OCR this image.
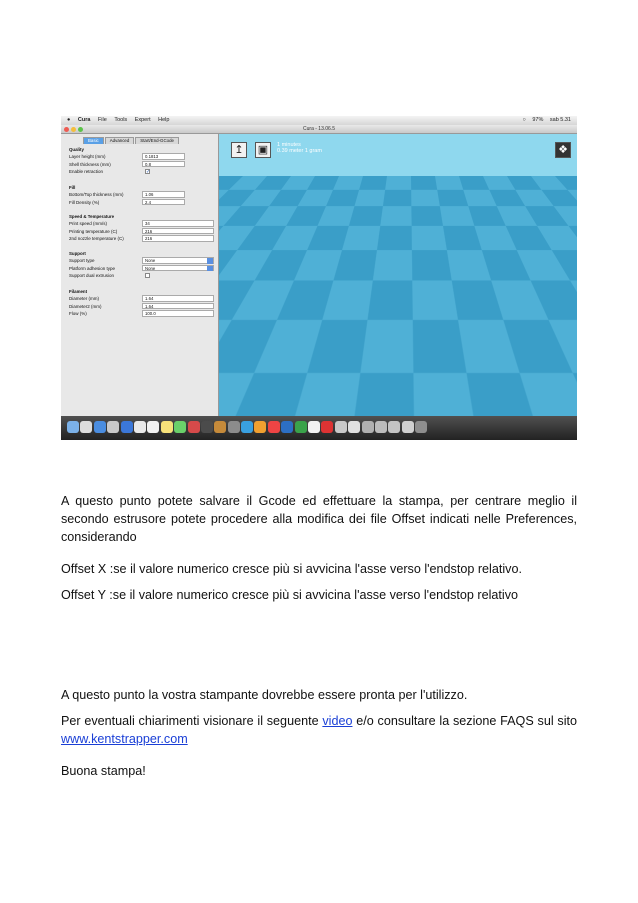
● Cura File Tools Expert Help	○ 97% sab 5.31
Cura - 13.06.5
Basic	Advanced	Start/End-GCode
Quality
Layer height (mm)	0.1813
Shell thickness (mm)	0.8
Enable retraction	✓
Fill
Bottom/Top thickness (mm)	1.06
Fill Density (%)	2.4
Speed & Temperature
Print speed (mm/s)	34
Printing temperature (C)	216
2nd nozzle temperature (C)	216
Support
Support type	None
Platform adhesion type	None
Support dual extrusion
Filament
Diameter (mm)	1.64
Diameter2 (mm)	1.64
Flow (%)	100.0
↥	▣	1 minutes
0.39 meter 1 gram	❖
⟲	⇲	↔	▩
Saved as /Users/apple/Desktop/calibrazione doppio estrusore max/ConotrafficoGRANDE.gcode	X
A questo punto potete salvare il Gcode ed effettuare la stampa, per centrare meglio il secondo estrusore potete procedere alla modifica dei file Offset indicati nelle Preferences, considerando
Offset X :se il valore numerico cresce più si avvicina l'asse verso l'endstop relativo.
Offset Y :se il valore numerico cresce più si avvicina l'asse verso l'endstop relativo
A questo punto la vostra stampante dovrebbe essere pronta per l'utilizzo.
Per eventuali chiarimenti visionare il seguente video e/o consultare la sezione FAQS sul sito www.kentstrapper.com
Buona stampa!
